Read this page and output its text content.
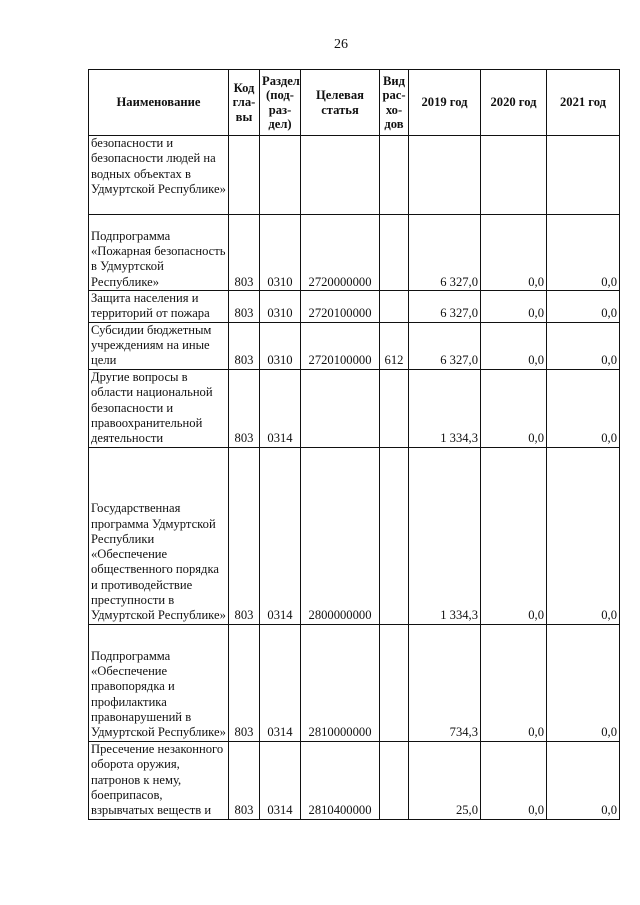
26
Наименование	Код гла-вы	Раздел (под-раз-дел)	Целевая статья	Вид рас-хо-дов	2019 год	2020 год	2021 год
безопасности и безопасности людей на водных объектах в Удмуртской Республике»							
Подпрограмма «Пожарная безопасность в Удмуртской Республике»	803	0310	2720000000		6 327,0	0,0	0,0
Защита населения и территорий от пожара	803	0310	2720100000		6 327,0	0,0	0,0
Субсидии бюджетным учреждениям на иные цели	803	0310	2720100000	612	6 327,0	0,0	0,0
Другие вопросы в области национальной безопасности и правоохранительной деятельности	803	0314			1 334,3	0,0	0,0
Государственная программа Удмуртской Республики «Обеспечение общественного порядка и противодействие преступности в Удмуртской Республике»	803	0314	2800000000		1 334,3	0,0	0,0
Подпрограмма «Обеспечение правопорядка и профилактика правонарушений в Удмуртской Республике»	803	0314	2810000000		734,3	0,0	0,0
Пресечение незаконного оборота оружия, патронов к нему, боеприпасов, взрывчатых веществ и	803	0314	2810400000		25,0	0,0	0,0
